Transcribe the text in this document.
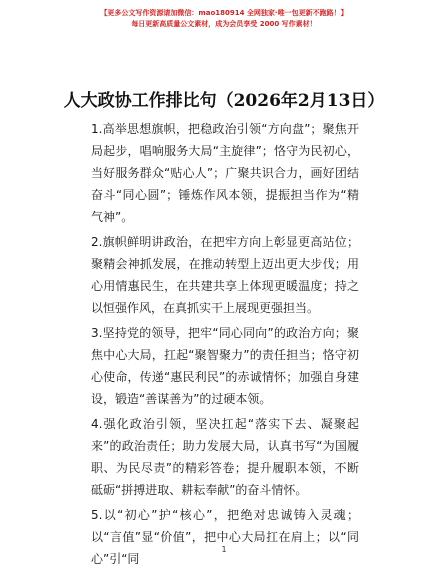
【更多公文写作资源请加微信：mao180914 全网独家·唯一包更新不跑路！】
每日更新高质量公文素材，成为会员享受 2000 写作素材！
人大政协工作排比句（2026年2月13日）

1.高举思想旗帜，把稳政治引领“方向盘”；聚焦开局起步，唱响服务大局“主旋律”；恪守为民初心，当好服务群众“贴心人”；广聚共识合力，画好团结奋斗“同心圆”；锤炼作风本领，提振担当作为“精气神”。

2.旗帜鲜明讲政治，在把牢方向上彰显更高站位；聚精会神抓发展，在推动转型上迈出更大步伐；用心用情惠民生，在共建共享上体现更暖温度；持之以恒强作风，在真抓实干上展现更强担当。

3.坚持党的领导，把牢“同心同向”的政治方向；聚焦中心大局，扛起“聚智聚力”的责任担当；恪守初心使命，传递“惠民利民”的赤诚情怀；加强自身建设，锻造“善谋善为”的过硬本领。

4.强化政治引领，坚决扛起“落实下去、凝聚起来”的政治责任；助力发展大局，认真书写“为国履职、为民尽责”的精彩答卷；提升履职本领，不断砥砺“拼搏进取、耕耘奉献”的奋斗情怀。

5.以“初心”护“核心”，把绝对忠诚铸入灵魂；以“言值”显“价值”，把中心大局扛在肩上；以“同心”引“同

1
